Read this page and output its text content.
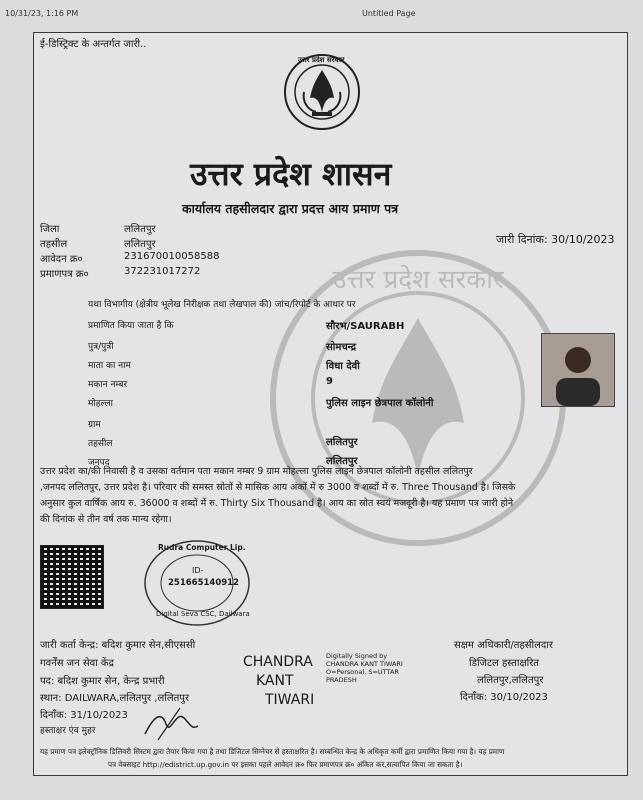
10/31/23, 1:16 PM	Untitled Page
ई-डिस्ट्रिक्ट के अन्तर्गत जारी..
उत्तर प्रदेश सरकार
उत्तर प्रदेश सरकार
उत्तर प्रदेश शासन
कार्यालय तहसीलदार द्वारा प्रदत्त आय प्रमाण पत्र
जारी दिनांक: 30/10/2023
जिला	ललितपुर
तहसील	ललितपुर
आवेदन क्र०	231670010058588
प्रमाणपत्र क्र०	372231017272
यथा विभागीय (क्षेत्रीय भूलेख निरीक्षक तथा लेखपाल की) जांच/रिपोर्ट के आधार पर
प्रमाणित किया जाता है कि	सौरभ/SAURABH
पुत्र/पुत्री	सोमचन्द्र
माता का नाम	विधा देवी
मकान नम्बर	9
मोहल्ला	पुलिस लाइन छेत्रपाल कॉलोनी
ग्राम
तहसील	ललितपुर
जनपद	ललितपुर
उत्तर प्रदेश का/की निवासी है व उसका वर्तमान पता मकान नम्बर 9 ग्राम मोहल्ला पुलिस लाइन छेत्रपाल कॉलोनी तहसील ललितपुर
,जनपद ललितपुर, उत्तर प्रदेश है। परिवार की समस्त स्रोतों से मासिक आय अंकों में रु 3000 व शब्दों में रु. Three Thousand है। जिसके
अनुसार कुल वार्षिक आय रु. 36000 व शब्दों में रु. Thirty Six Thousand है। आय का स्रोत स्वयं मजदूरी है। यह प्रमाण पत्र जारी होने
की दिनांक से तीन वर्ष तक मान्य रहेगा।
Rudra Computer Lip.
ID-
251665140912
Digital Seva CSC, Dailwara
जारी कर्ता केन्द्र: बदिश कुमार सेन,सीएससी
गवर्नेंस जन सेवा केंद्र
पद: बदिश कुमार सेन, केन्द्र प्रभारी
स्थान: DAILWARA,ललितपुर ,ललितपुर
दिनाँक: 31/10/2023
हस्ताक्षर एंव मुहर
CHANDRA
KANT
TIWARI
Digitally Signed by
CHANDRA KANT TIWARI
O=Personal, S=UTTAR
PRADESH
सक्षम अधिकारी/तहसीलदार
डिजिटल हस्ताक्षरित
ललितपुर,ललितपुर
दिनाँक: 30/10/2023
यह प्रमाण पत्र इलेक्ट्रॉनिक डिलिवरी सिस्टम द्वारा तैयार किया गया है तथा डिजिटल सिग्नेचर से हस्ताक्षरित है। सम्बन्धित केन्द्र के अधिकृत कर्मी द्वारा प्रमाणित किया गया है। यह प्रमाण
पत्र वेबसाइट http://edistrict.up.gov.in पर इसका पहले आवेदन क्र० फिर प्रमाणपत्र क्र० अंकित कर,सत्यापित किया जा सकता है।
